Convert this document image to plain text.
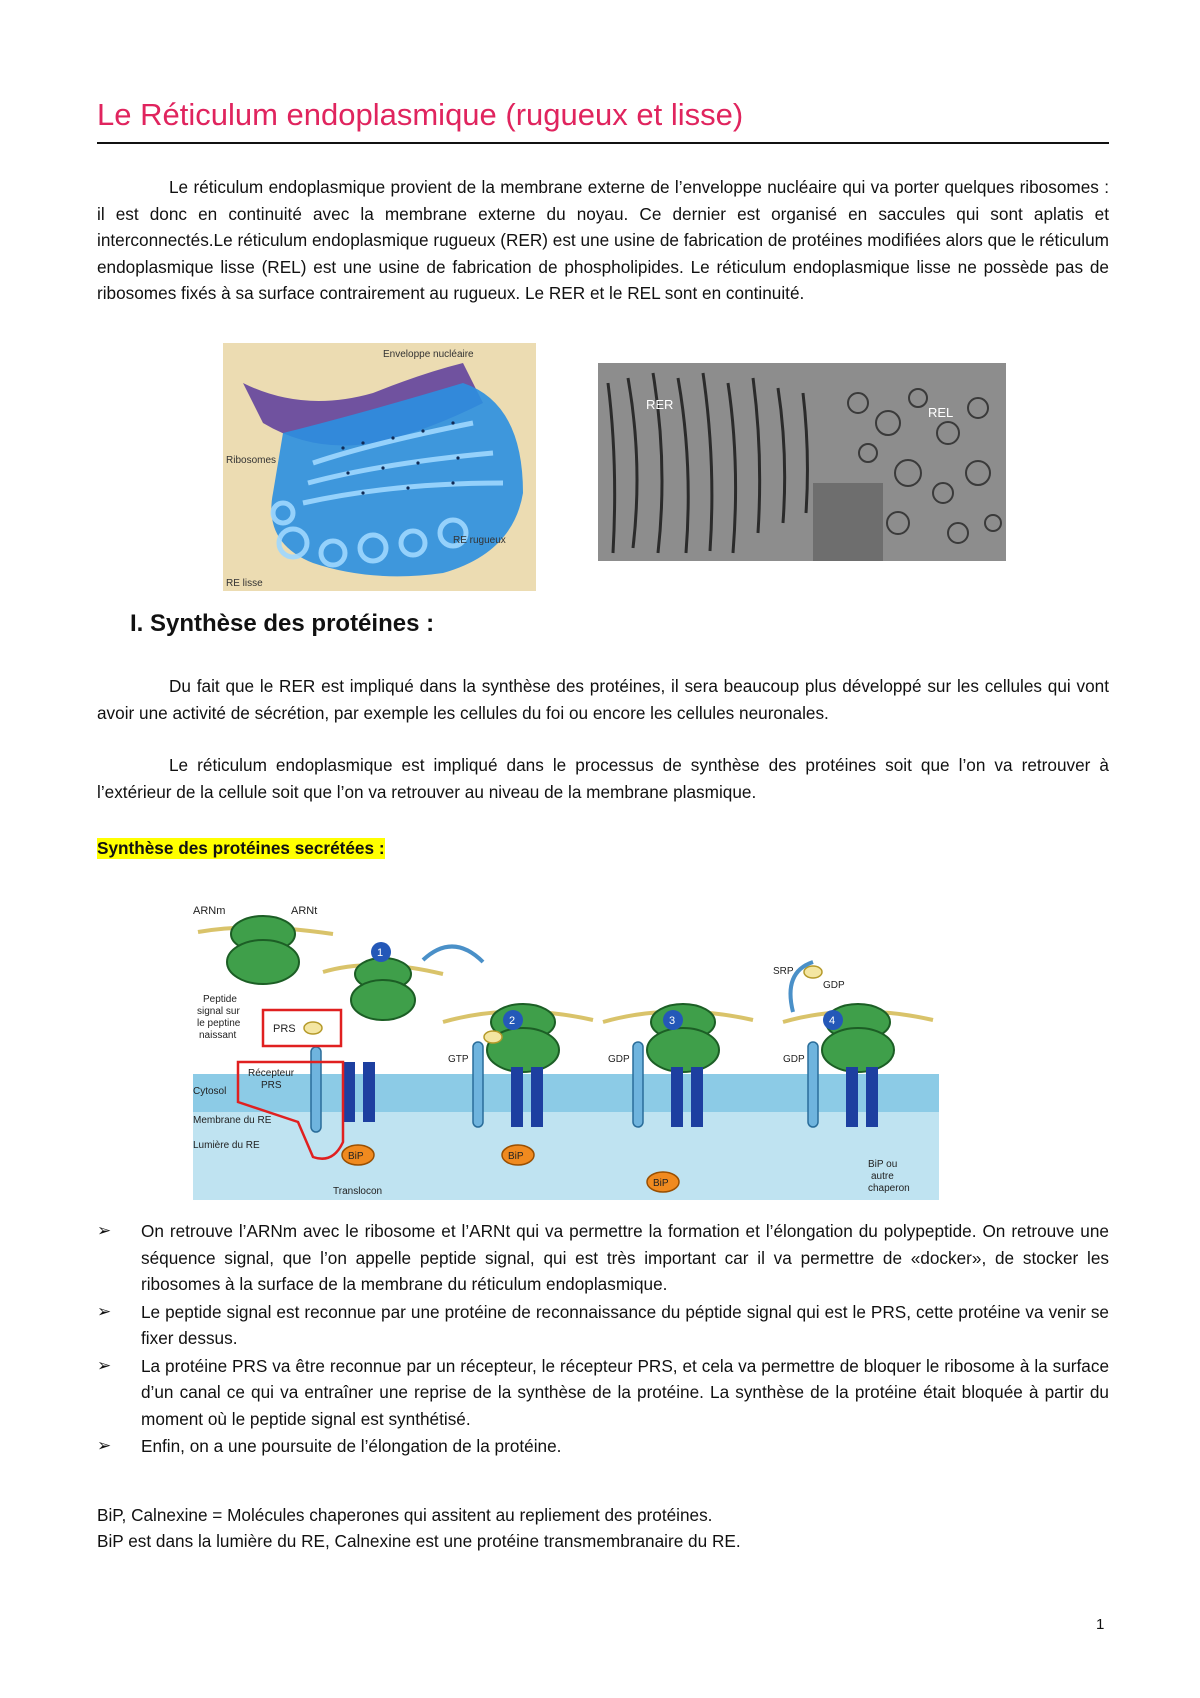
Le Réticulum endoplasmique (rugueux et lisse)
Le réticulum endoplasmique provient de la membrane externe de l’enveloppe nucléaire qui va porter quelques ribosomes : il est donc en continuité avec la membrane externe du noyau. Ce dernier est organisé en saccules qui sont aplatis et interconnectés.Le réticulum endoplasmique rugueux (RER) est une usine de fabrication de protéines modifiées alors que le réticulum endoplasmique lisse (REL) est une usine de fabrication de phospholipides. Le réticulum endoplasmique lisse ne possède pas de ribosomes fixés à sa surface contrairement au rugueux. Le RER et le REL sont en continuité.
Enveloppe nucléaire
Ribosomes
RE rugueux
RE lisse
RER
REL
I. Synthèse des protéines :
Du fait que le RER est impliqué dans la synthèse des protéines, il sera beaucoup plus développé sur les cellules qui vont avoir une activité de sécrétion, par exemple les cellules du foi ou encore les cellules neuronales.
Le réticulum endoplasmique est impliqué dans le processus de synthèse des protéines soit que l’on va retrouver à l’extérieur de la cellule soit que l’on va retrouver au niveau de la membrane plasmique.
Synthèse des protéines secrétées :
1
2	3	4
ARNm	ARNt
Peptide
signal sur
le peptine
naissant
PRS
Récepteur
PRS
Cytosol
Membrane du RE
Lumière du RE
Translocon
BiP	BiP
BiP
GTP	GDP	GDP
SRP
GDP
BiP ou
autre
chaperon
➢ On retrouve l’ARNm avec le ribosome et l’ARNt qui va permettre la formation et l’élongation du polypeptide. On retrouve une séquence signal, que l’on appelle peptide signal, qui est très important car il va permettre de «docker», de stocker les ribosomes à la surface de la membrane du réticulum endoplasmique.
➢ Le peptide signal est reconnue par une protéine de reconnaissance du péptide signal qui est le PRS, cette protéine va venir se fixer dessus.
➢ La protéine PRS va être reconnue par un récepteur, le récepteur PRS, et cela va permettre de bloquer le ribosome à la surface d’un canal ce qui va entraîner une reprise de la synthèse de la protéine. La synthèse de la protéine était bloquée à partir du moment où le peptide signal est synthétisé.
➢ Enfin, on a une poursuite de l’élongation de la protéine.
BiP, Calnexine = Molécules chaperones qui assitent au repliement des protéines.
BiP est dans la lumière du RE, Calnexine est une protéine transmembranaire du RE.
1
